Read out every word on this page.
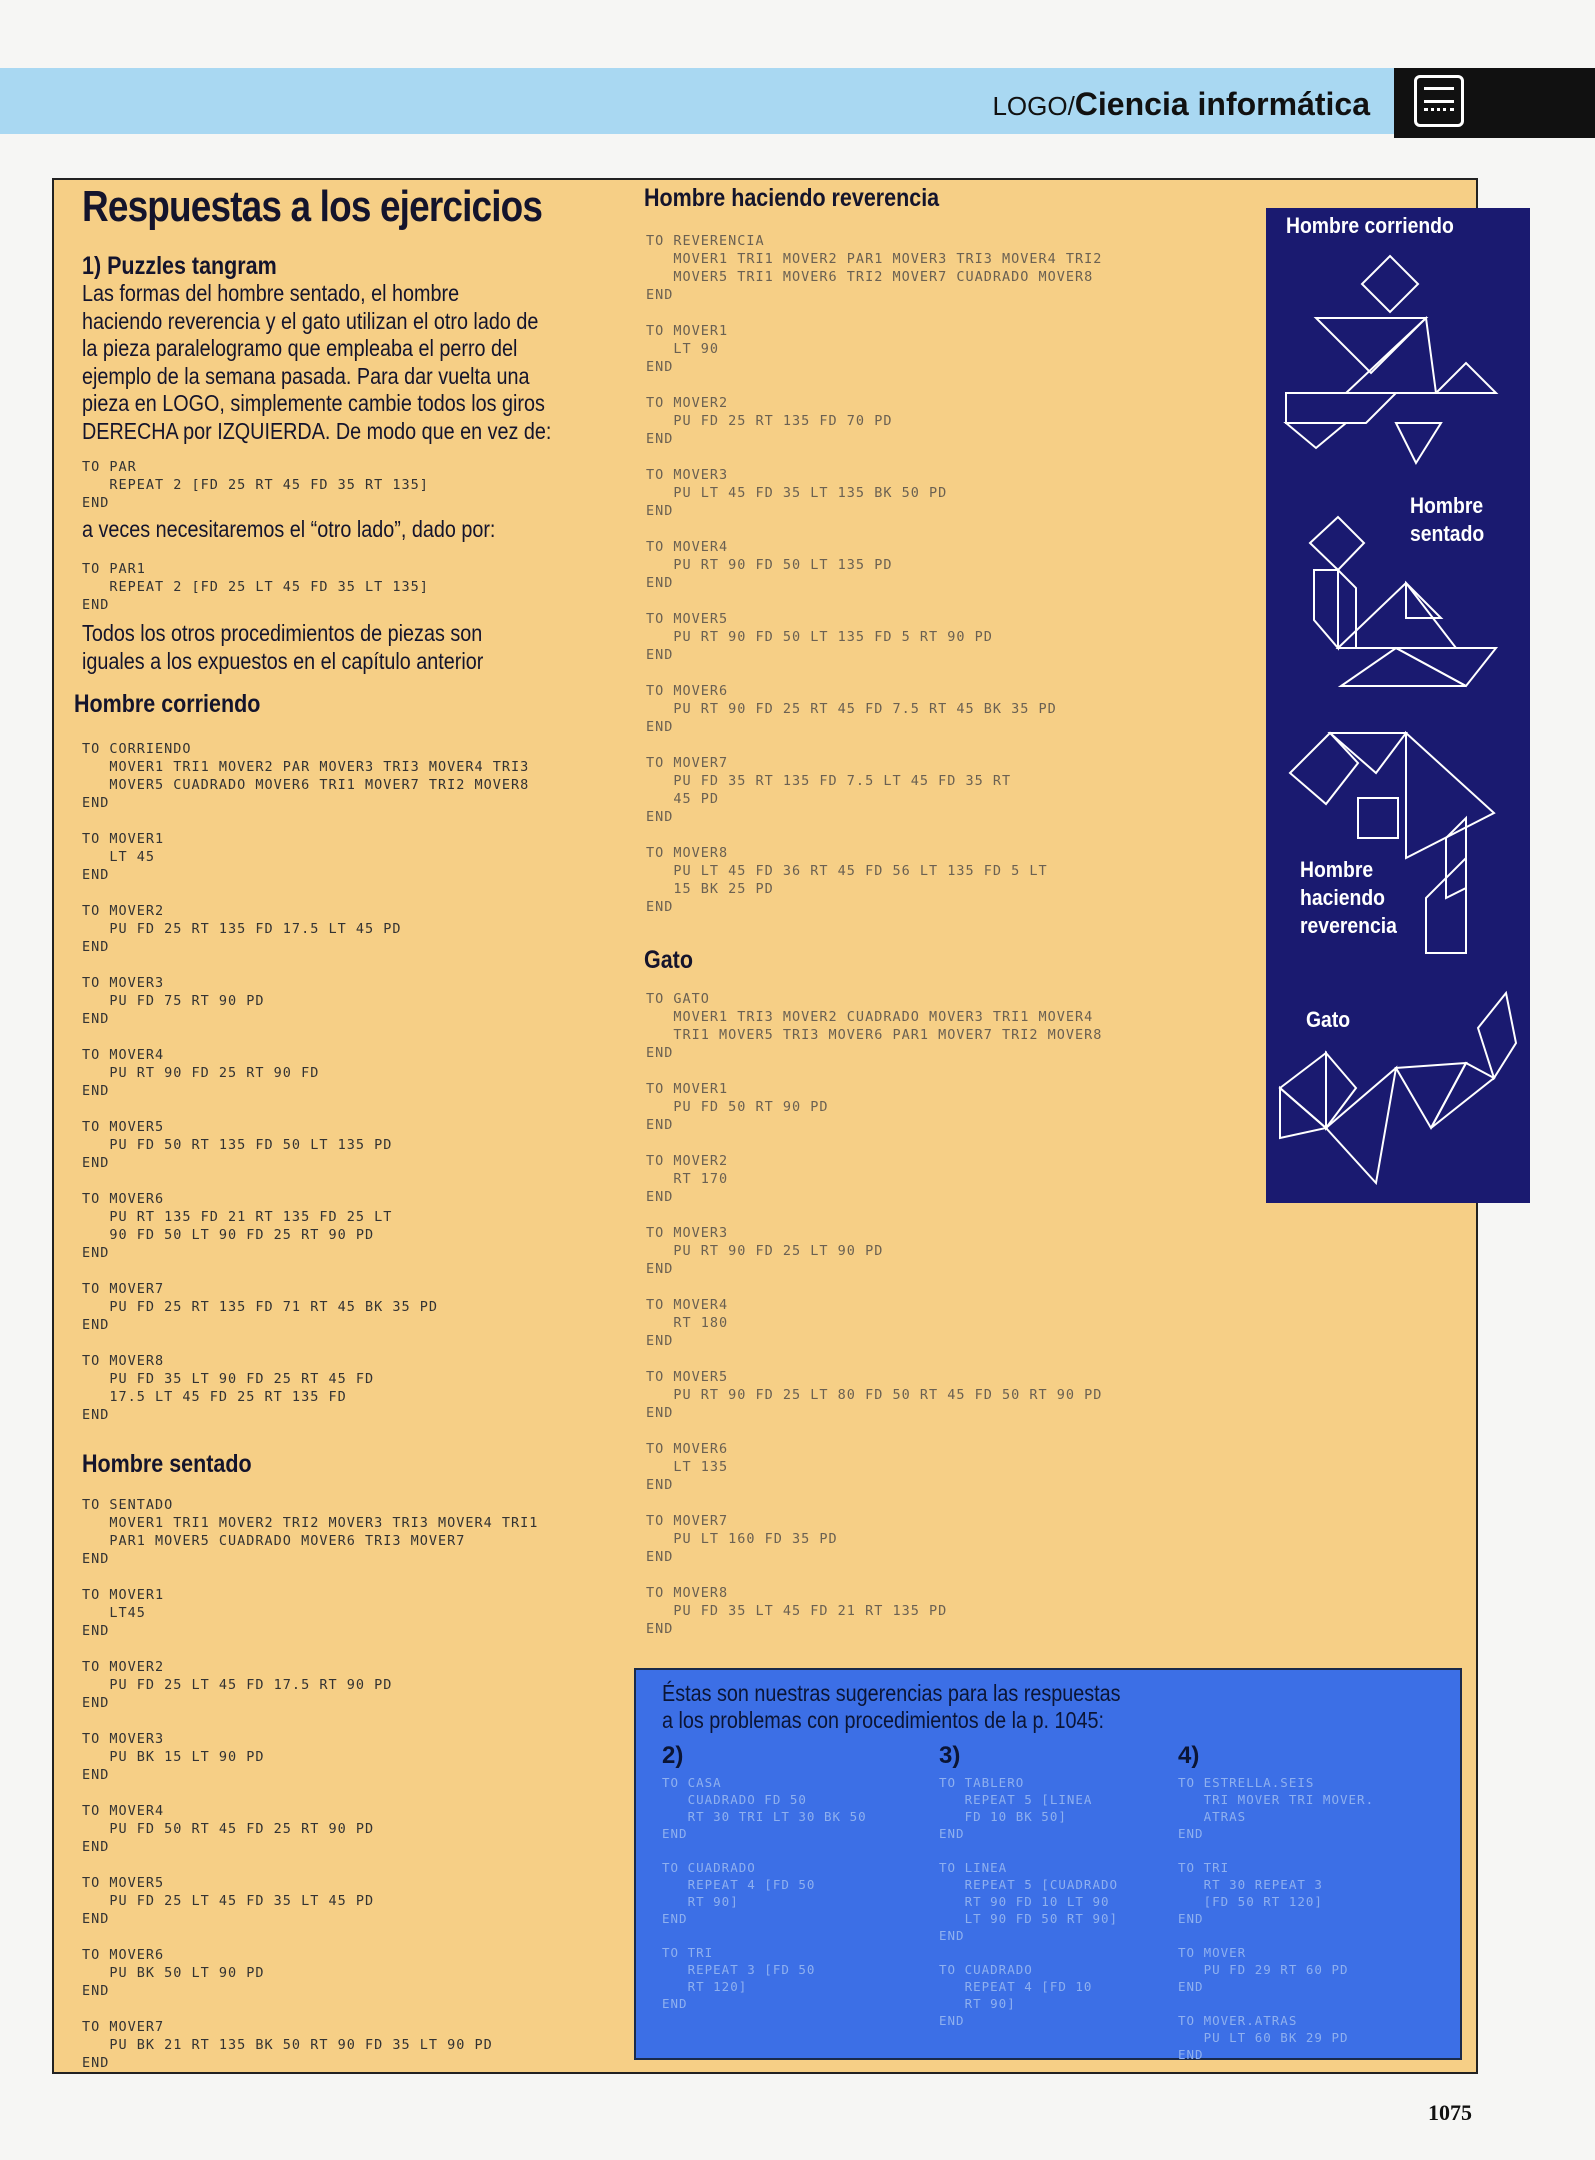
LOGO/Ciencia informática
Respuestas a los ejercicios
1) Puzzles tangram
Las formas del hombre sentado, el hombre
haciendo reverencia y el gato utilizan el otro lado de
la pieza paralelogramo que empleaba el perro del
ejemplo de la semana pasada. Para dar vuelta una
pieza en LOGO, simplemente cambie todos los giros
DERECHA por IZQUIERDA. De modo que en vez de:
TO PAR
REPEAT 2 [FD 25 RT 45 FD 35 RT 135]
END
a veces necesitaremos el “otro lado”, dado por:
TO PAR1
REPEAT 2 [FD 25 LT 45 FD 35 LT 135]
END
Todos los otros procedimientos de piezas son
iguales a los expuestos en el capítulo anterior
Hombre corriendo
TO CORRIENDO
MOVER1 TRI1 MOVER2 PAR MOVER3 TRI3 MOVER4 TRI3
MOVER5 CUADRADO MOVER6 TRI1 MOVER7 TRI2 MOVER8
END

TO MOVER1
LT 45
END

TO MOVER2
PU FD 25 RT 135 FD 17.5 LT 45 PD
END

TO MOVER3
PU FD 75 RT 90 PD
END

TO MOVER4
PU RT 90 FD 25 RT 90 FD
END

TO MOVER5
PU FD 50 RT 135 FD 50 LT 135 PD
END

TO MOVER6
PU RT 135 FD 21 RT 135 FD 25 LT
90 FD 50 LT 90 FD 25 RT 90 PD
END

TO MOVER7
PU FD 25 RT 135 FD 71 RT 45 BK 35 PD
END

TO MOVER8
PU FD 35 LT 90 FD 25 RT 45 FD
17.5 LT 45 FD 25 RT 135 FD
END
Hombre sentado
TO SENTADO
MOVER1 TRI1 MOVER2 TRI2 MOVER3 TRI3 MOVER4 TRI1
PAR1 MOVER5 CUADRADO MOVER6 TRI3 MOVER7
END

TO MOVER1
LT45
END

TO MOVER2
PU FD 25 LT 45 FD 17.5 RT 90 PD
END

TO MOVER3
PU BK 15 LT 90 PD
END

TO MOVER4
PU FD 50 RT 45 FD 25 RT 90 PD
END

TO MOVER5
PU FD 25 LT 45 FD 35 LT 45 PD
END

TO MOVER6
PU BK 50 LT 90 PD
END

TO MOVER7
PU BK 21 RT 135 BK 50 RT 90 FD 35 LT 90 PD
END
Hombre haciendo reverencia
TO REVERENCIA
MOVER1 TRI1 MOVER2 PAR1 MOVER3 TRI3 MOVER4 TRI2
MOVER5 TRI1 MOVER6 TRI2 MOVER7 CUADRADO MOVER8
END

TO MOVER1
LT 90
END

TO MOVER2
PU FD 25 RT 135 FD 70 PD
END

TO MOVER3
PU LT 45 FD 35 LT 135 BK 50 PD
END

TO MOVER4
PU RT 90 FD 50 LT 135 PD
END

TO MOVER5
PU RT 90 FD 50 LT 135 FD 5 RT 90 PD
END

TO MOVER6
PU RT 90 FD 25 RT 45 FD 7.5 RT 45 BK 35 PD
END

TO MOVER7
PU FD 35 RT 135 FD 7.5 LT 45 FD 35 RT
45 PD
END

TO MOVER8
PU LT 45 FD 36 RT 45 FD 56 LT 135 FD 5 LT
15 BK 25 PD
END
Gato
TO GATO
MOVER1 TRI3 MOVER2 CUADRADO MOVER3 TRI1 MOVER4
TRI1 MOVER5 TRI3 MOVER6 PAR1 MOVER7 TRI2 MOVER8
END

TO MOVER1
PU FD 50 RT 90 PD
END

TO MOVER2
RT 170
END

TO MOVER3
PU RT 90 FD 25 LT 90 PD
END

TO MOVER4
RT 180
END

TO MOVER5
PU RT 90 FD 25 LT 80 FD 50 RT 45 FD 50 RT 90 PD
END

TO MOVER6
LT 135
END

TO MOVER7
PU LT 160 FD 35 PD
END

TO MOVER8
PU FD 35 LT 45 FD 21 RT 135 PD
END
Hombre corriendo
Hombre
sentado
Hombre
haciendo
reverencia
Gato
Éstas son nuestras sugerencias para las respuestas
a los problemas con procedimientos de la p. 1045:
2)	3)	4)
TO CASA
CUADRADO FD 50
RT 30 TRI LT 30 BK 50
END

TO CUADRADO
REPEAT 4 [FD 50
RT 90]
END

TO TRI
REPEAT 3 [FD 50
RT 120]
END
TO TABLERO
REPEAT 5 [LINEA
FD 10 BK 50]
END

TO LINEA
REPEAT 5 [CUADRADO
RT 90 FD 10 LT 90
LT 90 FD 50 RT 90]
END

TO CUADRADO
REPEAT 4 [FD 10
RT 90]
END
TO ESTRELLA.SEIS
TRI MOVER TRI MOVER.
ATRAS
END

TO TRI
RT 30 REPEAT 3
[FD 50 RT 120]
END

TO MOVER
PU FD 29 RT 60 PD
END

TO MOVER.ATRAS
PU LT 60 BK 29 PD
END
1075
